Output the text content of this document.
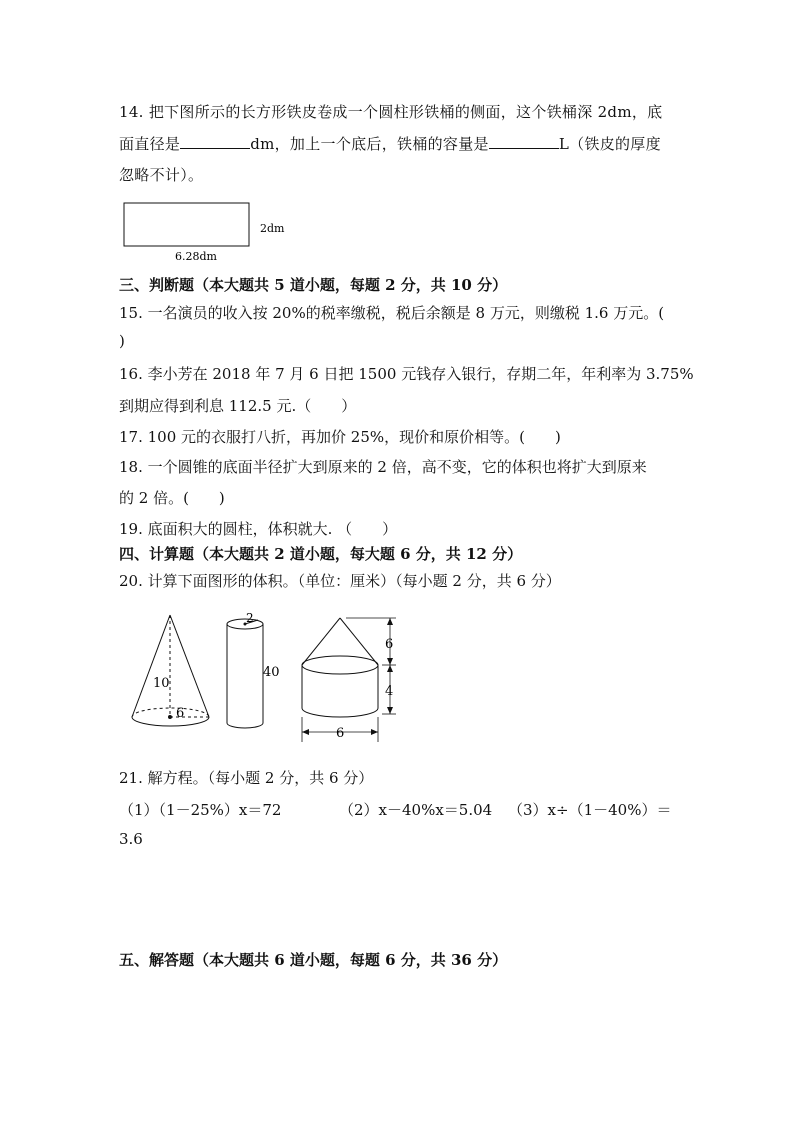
14. 把下图所示的长方形铁皮卷成一个圆柱形铁桶的侧面，这个铁桶深 2dm，底
面直径是	dm，加上一个底后，铁桶的容量是	L（铁皮的厚度
忽略不计）。
2dm
6.28dm
三、判断题（本大题共 5 道小题，每题 2 分，共 10 分）
15. 一名演员的收入按 20%的税率缴税，税后余额是 8 万元，则缴税 1.6 万元。(
)
16. 李小芳在 2018 年 7 月 6 日把 1500 元钱存入银行，存期二年，年利率为 3.75%
到期应得到利息 112.5 元.（　　）
17. 100 元的衣服打八折，再加价 25%，现价和原价相等。(　　)
18. 一个圆锥的底面半径扩大到原来的 2 倍，高不变，它的体积也将扩大到原来
的 2 倍。(　　)
19. 底面积大的圆柱，体积就大. （　　）
四、计算题（本大题共 2 道小题，每大题 6 分，共 12 分）
20. 计算下面图形的体积。（单位：厘米）（每小题 2 分，共 6 分）
10
6
2
40
6
4
6
21. 解方程。（每小题 2 分，共 6 分）
（1）（1－25%）x＝72	（2）x－40%x＝5.04 （3）x÷（1－40%）＝
3.6
五、解答题（本大题共 6 道小题，每题 6 分，共 36 分）
